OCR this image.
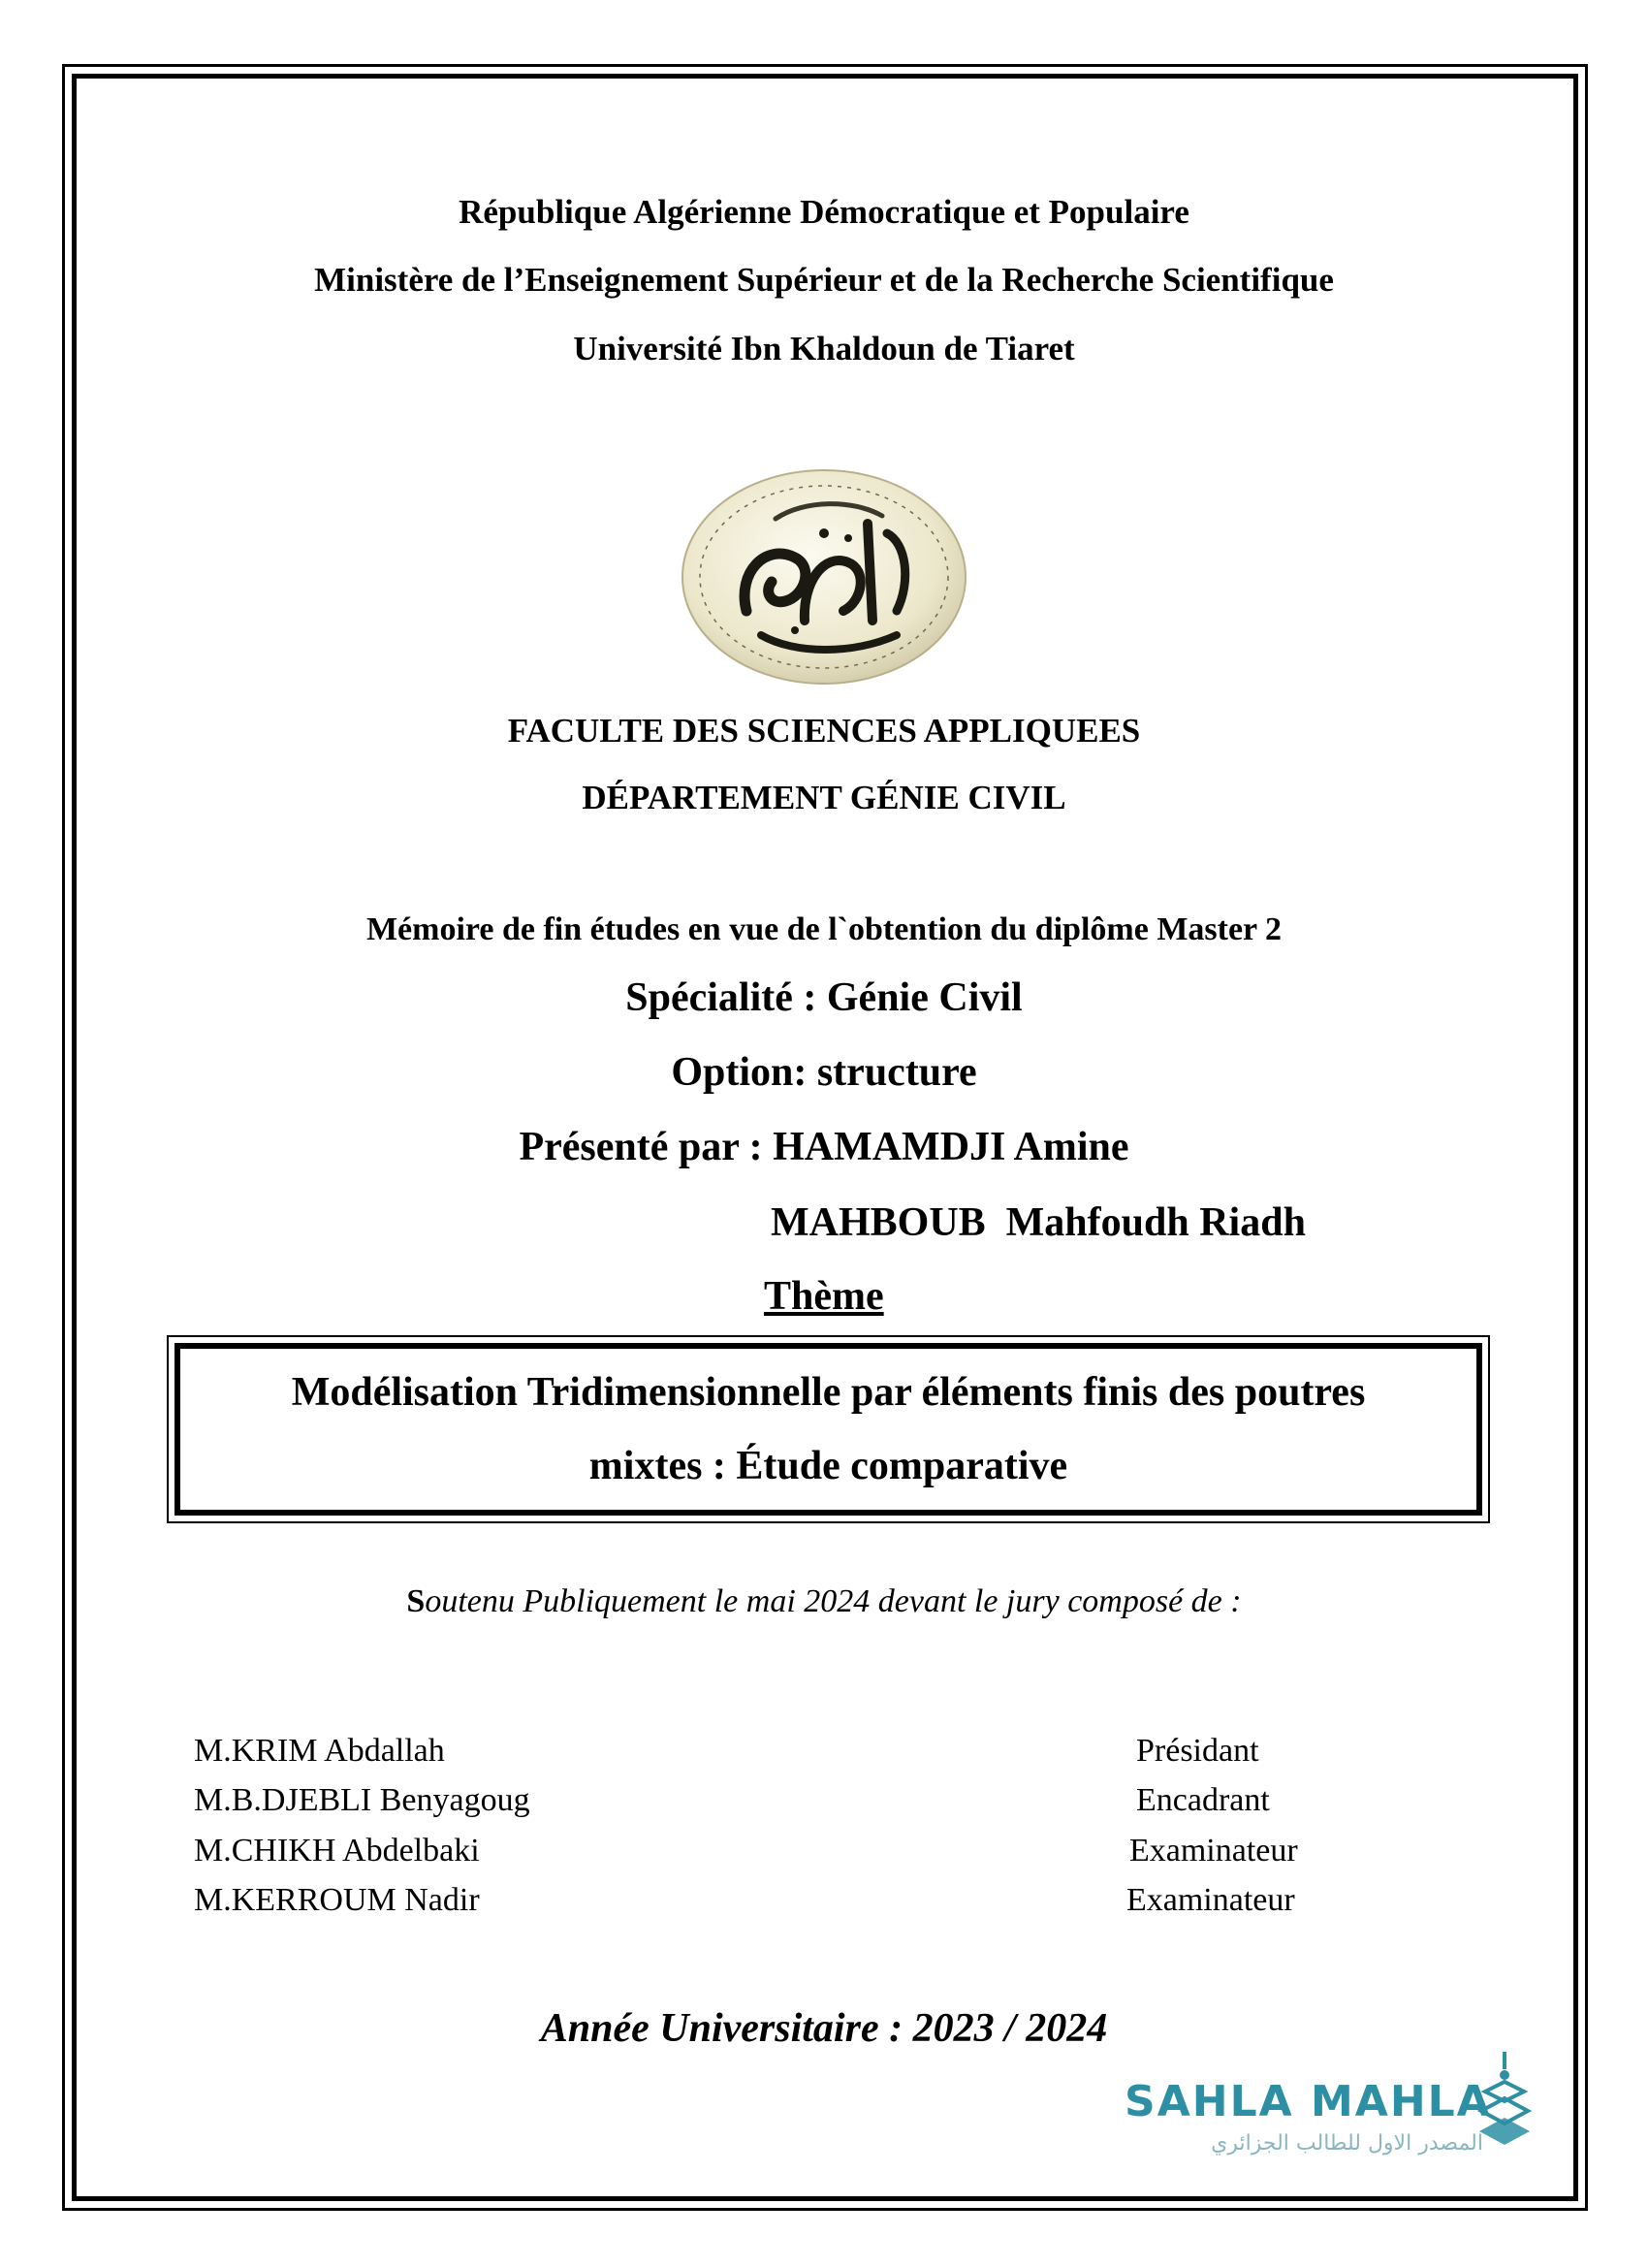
République Algérienne Démocratique et Populaire
Ministère de l’Enseignement Supérieur et de la Recherche Scientifique
Université Ibn Khaldoun de Tiaret
FACULTE DES SCIENCES APPLIQUEES
DÉPARTEMENT GÉNIE CIVIL
Mémoire de fin études en vue de l`obtention du diplôme Master 2
Spécialité : Génie Civil
Option: structure
Présenté par : HAMAMDJI Amine
MAHBOUB  Mahfoudh Riadh
Thème
Modélisation Tridimensionnelle par éléments finis des poutres
mixtes : Étude comparative
Soutenu Publiquement le mai 2024 devant le jury composé de :
M.KRIM Abdallah	Présidant
M.B.DJEBLI Benyagoug	Encadrant
M.CHIKH Abdelbaki	Examinateur
M.KERROUM Nadir	Examinateur
Année Universitaire : 2023 / 2024
SAHLA MAHLA
المصدر الاول للطالب الجزائري
